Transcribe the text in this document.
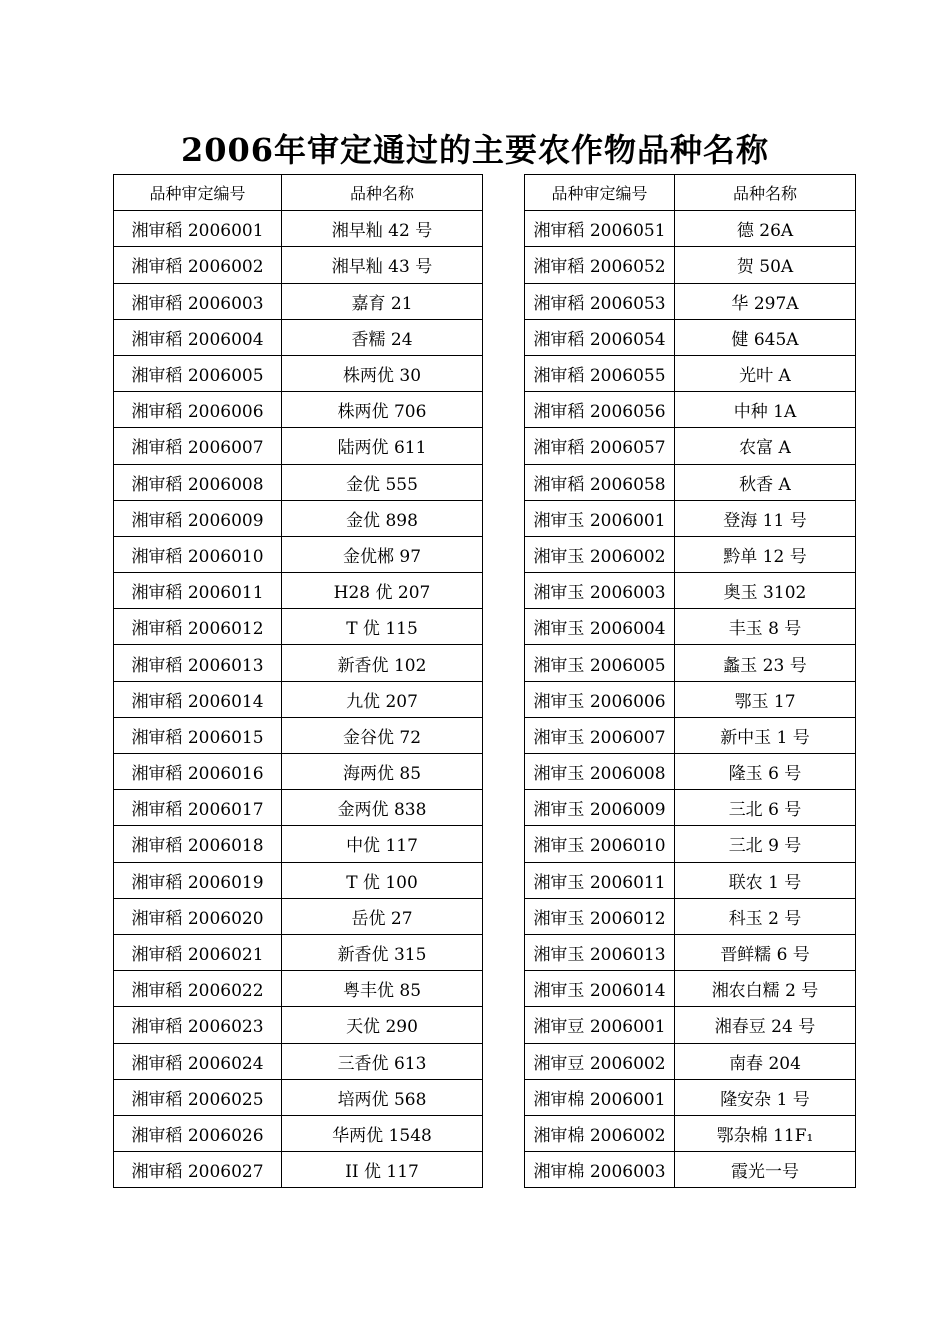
2006年审定通过的主要农作物品种名称
品种审定编号	品种名称		品种审定编号	品种名称
湘审稻 2006001	湘早籼 42 号		湘审稻 2006051	德 26A
湘审稻 2006002	湘早籼 43 号		湘审稻 2006052	贺 50A
湘审稻 2006003	嘉育 21		湘审稻 2006053	华 297A
湘审稻 2006004	香糯 24		湘审稻 2006054	健 645A
湘审稻 2006005	株两优 30		湘审稻 2006055	光叶 A
湘审稻 2006006	株两优 706		湘审稻 2006056	中种 1A
湘审稻 2006007	陆两优 611		湘审稻 2006057	农富 A
湘审稻 2006008	金优 555		湘审稻 2006058	秋香 A
湘审稻 2006009	金优 898		湘审玉 2006001	登海 11 号
湘审稻 2006010	金优郴 97		湘审玉 2006002	黔单 12 号
湘审稻 2006011	H28 优 207		湘审玉 2006003	奥玉 3102
湘审稻 2006012	T 优 115		湘审玉 2006004	丰玉 8 号
湘审稻 2006013	新香优 102		湘审玉 2006005	蠡玉 23 号
湘审稻 2006014	九优 207		湘审玉 2006006	鄂玉 17
湘审稻 2006015	金谷优 72		湘审玉 2006007	新中玉 1 号
湘审稻 2006016	海两优 85		湘审玉 2006008	隆玉 6 号
湘审稻 2006017	金两优 838		湘审玉 2006009	三北 6 号
湘审稻 2006018	中优 117		湘审玉 2006010	三北 9 号
湘审稻 2006019	T 优 100		湘审玉 2006011	联农 1 号
湘审稻 2006020	岳优 27		湘审玉 2006012	科玉 2 号
湘审稻 2006021	新香优 315		湘审玉 2006013	晋鲜糯 6 号
湘审稻 2006022	粤丰优 85		湘审玉 2006014	湘农白糯 2 号
湘审稻 2006023	天优 290		湘审豆 2006001	湘春豆 24 号
湘审稻 2006024	三香优 613		湘审豆 2006002	南春 204
湘审稻 2006025	培两优 568		湘审棉 2006001	隆安杂 1 号
湘审稻 2006026	华两优 1548		湘审棉 2006002	鄂杂棉 11F₁
湘审稻 2006027	II 优 117		湘审棉 2006003	霞光一号
